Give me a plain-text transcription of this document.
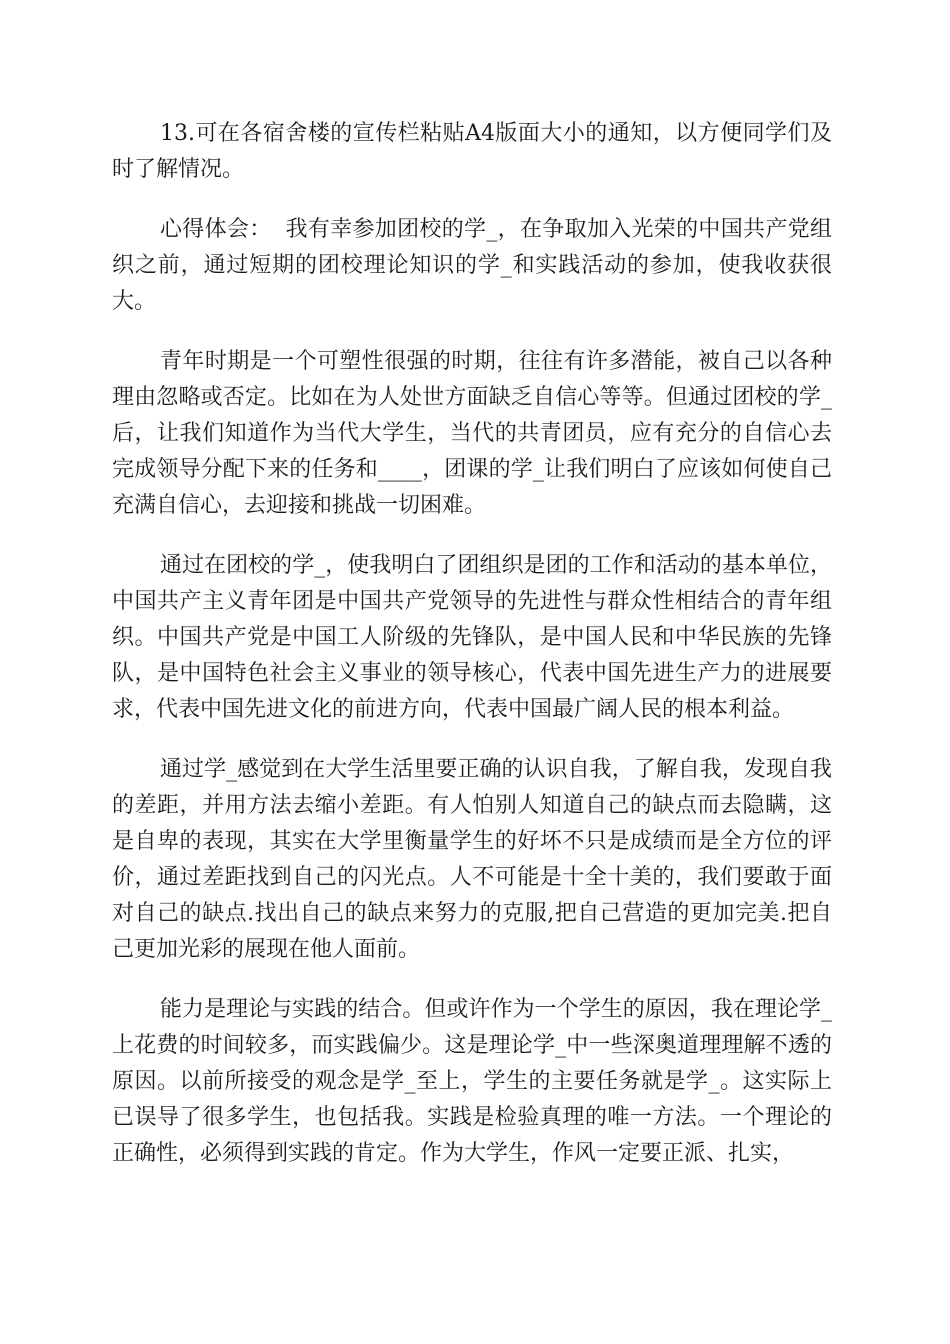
13.可在各宿舍楼的宣传栏粘贴A4版面大小的通知，以方便同学们及时了解情况。

心得体会： 我有幸参加团校的学_，在争取加入光荣的中国共产党组织之前，通过短期的团校理论知识的学_和实践活动的参加，使我收获很大。

青年时期是一个可塑性很强的时期，往往有许多潜能，被自己以各种理由忽略或否定。比如在为人处世方面缺乏自信心等等。但通过团校的学_后，让我们知道作为当代大学生，当代的共青团员，应有充分的自信心去完成领导分配下来的任务和____，团课的学_让我们明白了应该如何使自己充满自信心，去迎接和挑战一切困难。

通过在团校的学_，使我明白了团组织是团的工作和活动的基本单位，中国共产主义青年团是中国共产党领导的先进性与群众性相结合的青年组织。中国共产党是中国工人阶级的先锋队，是中国人民和中华民族的先锋队，是中国特色社会主义事业的领导核心，代表中国先进生产力的进展要求，代表中国先进文化的前进方向，代表中国最广阔人民的根本利益。

通过学_感觉到在大学生活里要正确的认识自我，了解自我，发现自我的差距，并用方法去缩小差距。有人怕别人知道自己的缺点而去隐瞒，这是自卑的表现，其实在大学里衡量学生的好坏不只是成绩而是全方位的评价，通过差距找到自己的闪光点。人不可能是十全十美的，我们要敢于面对自己的缺点.找出自己的缺点来努力的克服,把自己营造的更加完美.把自己更加光彩的展现在他人面前。

能力是理论与实践的结合。但或许作为一个学生的原因，我在理论学_上花费的时间较多，而实践偏少。这是理论学_中一些深奥道理理解不透的原因。以前所接受的观念是学_至上，学生的主要任务就是学_。这实际上已误导了很多学生，也包括我。实践是检验真理的唯一方法。一个理论的正确性，必须得到实践的肯定。作为大学生，作风一定要正派、扎实，
